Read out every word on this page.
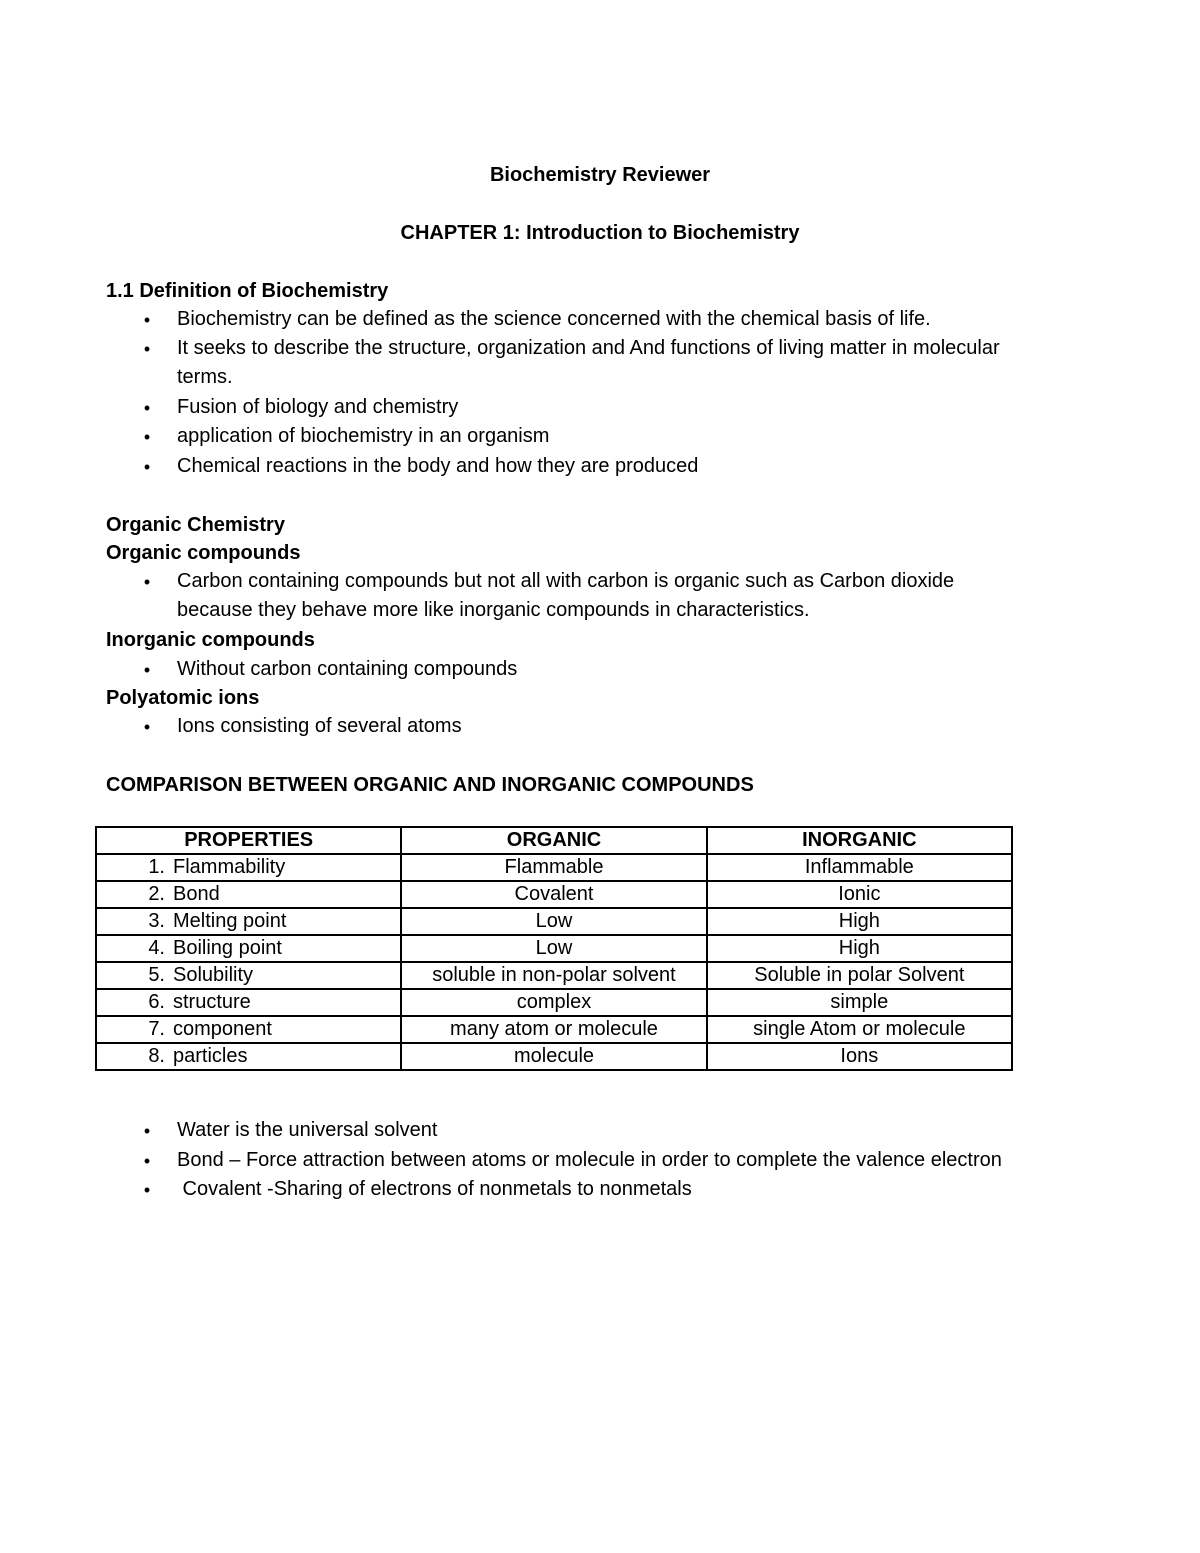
Biochemistry Reviewer
CHAPTER 1: Introduction to Biochemistry
1.1 Definition of Biochemistry
• Biochemistry can be defined as the science concerned with the chemical basis of life.
• It seeks to describe the structure, organization and And functions of living matter in molecular
terms.
• Fusion of biology and chemistry
• application of biochemistry in an organism
• Chemical reactions in the body and how they are produced
Organic Chemistry
Organic compounds
• Carbon containing compounds but not all with carbon is organic such as Carbon dioxide
because they behave more like inorganic compounds in characteristics.
Inorganic compounds
• Without carbon containing compounds
Polyatomic ions
• Ions consisting of several atoms
COMPARISON BETWEEN ORGANIC AND INORGANIC COMPOUNDS
PROPERTIES	ORGANIC	INORGANIC
1. Flammability	Flammable	Inflammable
2. Bond	Covalent	Ionic
3. Melting point	Low	High
4. Boiling point	Low	High
5. Solubility	soluble in non-polar solvent	Soluble in polar Solvent
6. structure	complex	simple
7. component	many atom or molecule	single Atom or molecule
8. particles	molecule	Ions
• Water is the universal solvent
• Bond – Force attraction between atoms or molecule in order to complete the valence electron
• Covalent -Sharing of electrons of nonmetals to nonmetals
